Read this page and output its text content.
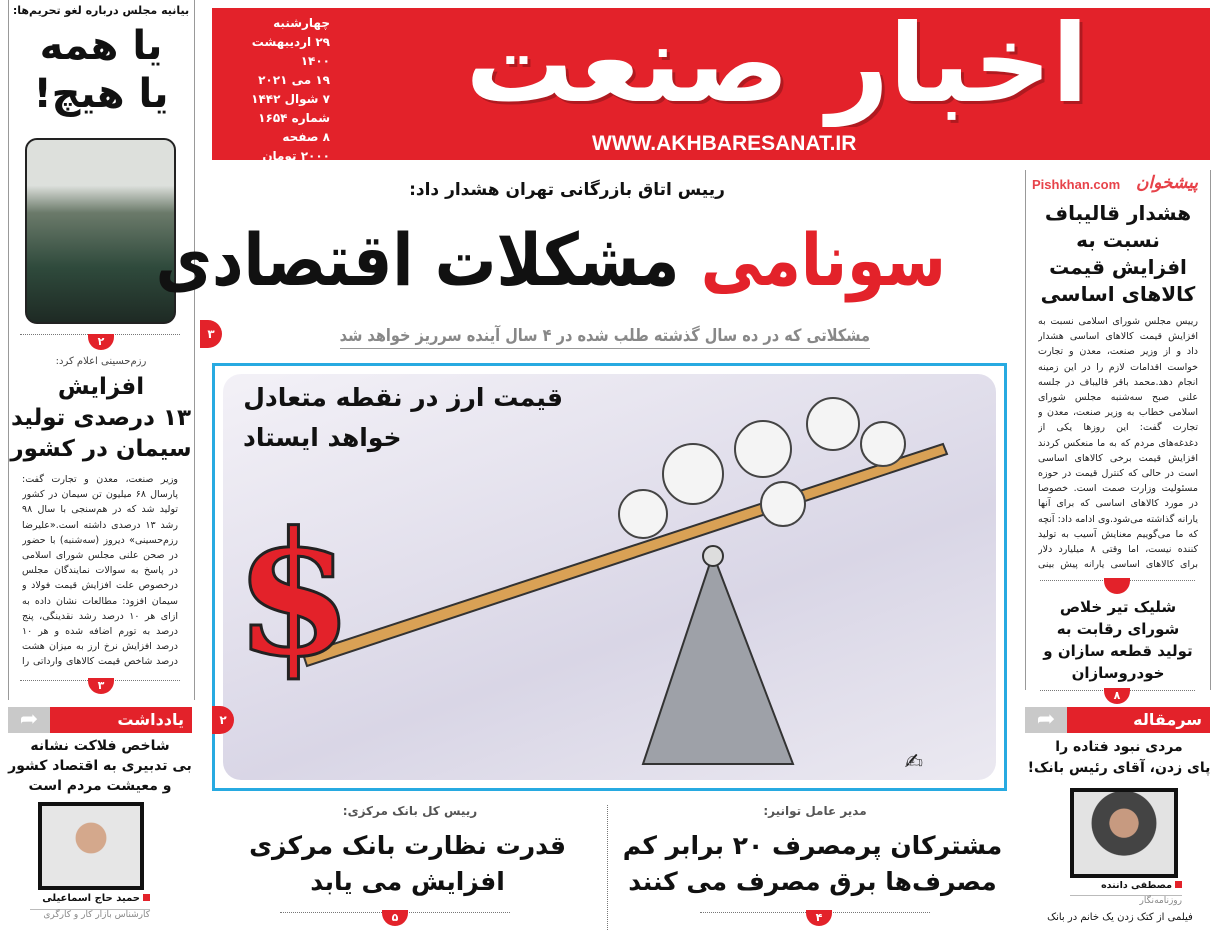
چهارشنبه
۲۹ اردیبهشت ۱۴۰۰
۱۹ می ۲۰۲۱
۷ شوال ۱۴۴۲
شماره ۱۶۵۴
۸ صفحه
۲۰۰۰ تومان
اخبار صنعت
WWW.AKHBARESANAT.IR
بیانیه مجلس درباره لغو تحریم‌ها:
یا همه
یا هیچ!
۲
رزم‌حسینی اعلام کرد:
افزایش
۱۳ درصدی تولید
سیمان در کشور
وزیر صنعت، معدن و تجارت گفت: پارسال ۶۸ میلیون تن سیمان در کشور تولید شد که در هم‌سنجی با سال ۹۸ رشد ۱۳ درصدی داشته است.«علیرضا رزم‌حسینی» دیروز (سه‌شنبه) با حضور در صحن علنی مجلس شورای اسلامی در پاسخ به سوالات نمایندگان مجلس درخصوص علت افزایش قیمت فولاد و سیمان افزود: مطالعات نشان داده به ازای هر ۱۰ درصد رشد نقدینگی، پنج درصد به تورم اضافه شده و هر ۱۰ درصد افزایش نرخ ارز به میزان هشت درصد شاخص قیمت کالاهای وارداتی را
۳
➦	یادداشت
شاخص فلاکت نشانه
بی تدبیری به اقتصاد کشور
و معیشت مردم است
حمید حاج اسماعیلی
کارشناس بازار کار و کارگری
Pishkhan.com پیشخوان
هشدار قالیباف
نسبت به
افزایش قیمت
کالاهای اساسی
رییس مجلس شورای اسلامی نسبت به افزایش قیمت کالاهای اساسی هشدار داد و از وزیر صنعت، معدن و تجارت خواست اقدامات لازم را در این زمینه انجام دهد.محمد باقر قالیباف در جلسه علنی صبح سه‌شنبه مجلس شورای اسلامی خطاب به وزیر صنعت، معدن و تجارت گفت: این روزها یکی از دغدغه‌های مردم که به ما منعکس کردند افزایش قیمت برخی کالاهای اساسی است در حالی که کنترل قیمت در حوزه مسئولیت وزارت صمت است. خصوصا در مورد کالاهای اساسی که برای آنها یارانه گذاشته می‌شود.وی ادامه داد: آنچه که ما می‌گوییم معنایش آسیب به تولید کننده نیست، اما وقتی ۸ میلیارد دلار برای کالاهای اساسی یارانه پیش بینی
شلیک تیر خلاص
شورای رقابت به
تولید قطعه سازان و
خودروسازان
۸
➦	سرمقاله
مردی نبود فتاده را
پای زدن، آقای رئیس بانک!
مصطفی داننده
روزنامه‌نگار
فیلمی از کتک زدن یک خانم در بانک
رییس اتاق بازرگانی تهران هشدار داد:
سونامی مشکلات اقتصادی
مشکلاتی که در ده سال گذشته طلب شده در ۴ سال آینده سرریز خواهد شد
۳
$
✍
قیمت ارز در نقطه متعادل
خواهد ایستاد
۲
رییس کل بانک مرکزی:
قدرت نظارت بانک مرکزی
افزایش می یابد
۵
مدیر عامل توانیر:
مشترکان پرمصرف ۲۰ برابر کم
مصرف‌ها برق مصرف می کنند
۴
